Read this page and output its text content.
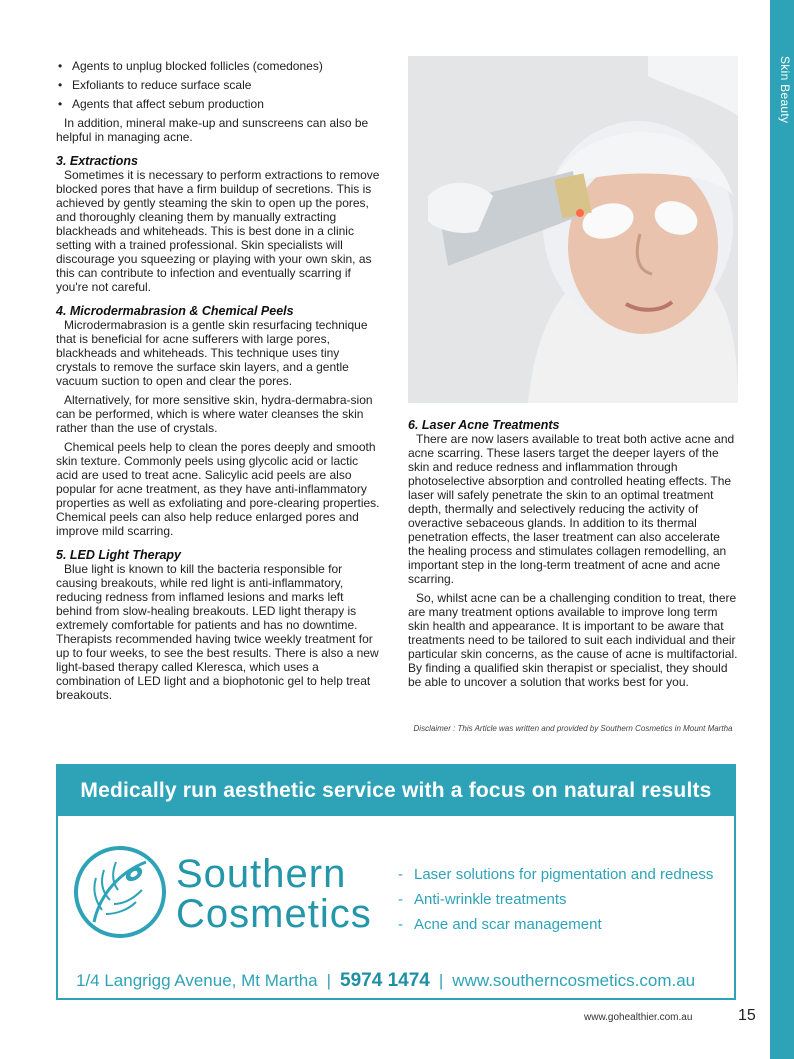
Skin Beauty
• Agents to unplug blocked follicles (comedones)
• Exfoliants to reduce surface scale
• Agents that affect sebum production

In addition, mineral make-up and sunscreens can also be helpful in managing acne.

3. Extractions

Sometimes it is necessary to perform extractions to remove blocked pores that have a firm buildup of secretions. This is achieved by gently steaming the skin to open up the pores, and thoroughly cleaning them by manually extracting blackheads and whiteheads. This is best done in a clinic setting with a trained professional. Skin specialists will discourage you squeezing or playing with your own skin, as this can contribute to infection and eventually scarring if you're not careful.

4. Microdermabrasion & Chemical Peels

Microdermabrasion is a gentle skin resurfacing technique that is beneficial for acne sufferers with large pores, blackheads and whiteheads. This technique uses tiny crystals to remove the surface skin layers, and a gentle vacuum suction to open and clear the pores.

Alternatively, for more sensitive skin, hydra-dermabra-sion can be performed, which is where water cleanses the skin rather than the use of crystals.

Chemical peels help to clean the pores deeply and smooth skin texture. Commonly peels using glycolic acid or lactic acid are used to treat acne. Salicylic acid peels are also popular for acne treatment, as they have anti-inflammatory properties as well as exfoliating and pore-clearing properties. Chemical peels can also help reduce enlarged pores and improve mild scarring.

5. LED Light Therapy

Blue light is known to kill the bacteria responsible for causing breakouts, while red light is anti-inflammatory, reducing redness from inflamed lesions and marks left behind from slow-healing breakouts. LED light therapy is extremely comfortable for patients and has no downtime. Therapists recommended having twice weekly treatment for up to four weeks, to see the best results. There is also a new light-based therapy called Kleresca, which uses a combination of LED light and a biophotonic gel to help treat breakouts.

6. Laser Acne Treatments

There are now lasers available to treat both active acne and acne scarring. These lasers target the deeper layers of the skin and reduce redness and inflammation through photoselective absorption and controlled heating effects. The laser will safely penetrate the skin to an optimal treatment depth, thermally and selectively reducing the activity of overactive sebaceous glands. In addition to its thermal penetration effects, the laser treatment can also accelerate the healing process and stimulates collagen remodelling, an important step in the long-term treatment of acne and acne scarring.

So, whilst acne can be a challenging condition to treat, there are many treatment options available to improve long term skin health and appearance. It is important to be aware that treatments need to be tailored to suit each individual and their particular skin concerns, as the cause of acne is multifactorial. By finding a qualified skin therapist or specialist, they should be able to uncover a solution that works best for you.

Disclaimer : This Article was written and provided by Southern Cosmetics in Mount Martha
Medically run aesthetic service with a focus on natural results
Southern
Cosmetics
- Laser solutions for pigmentation and redness
- Anti-wrinkle treatments
- Acne and scar management
1/4 Langrigg Avenue, Mt Martha | 5974 1474 | www.southerncosmetics.com.au
www.gohealthier.com.au	15
